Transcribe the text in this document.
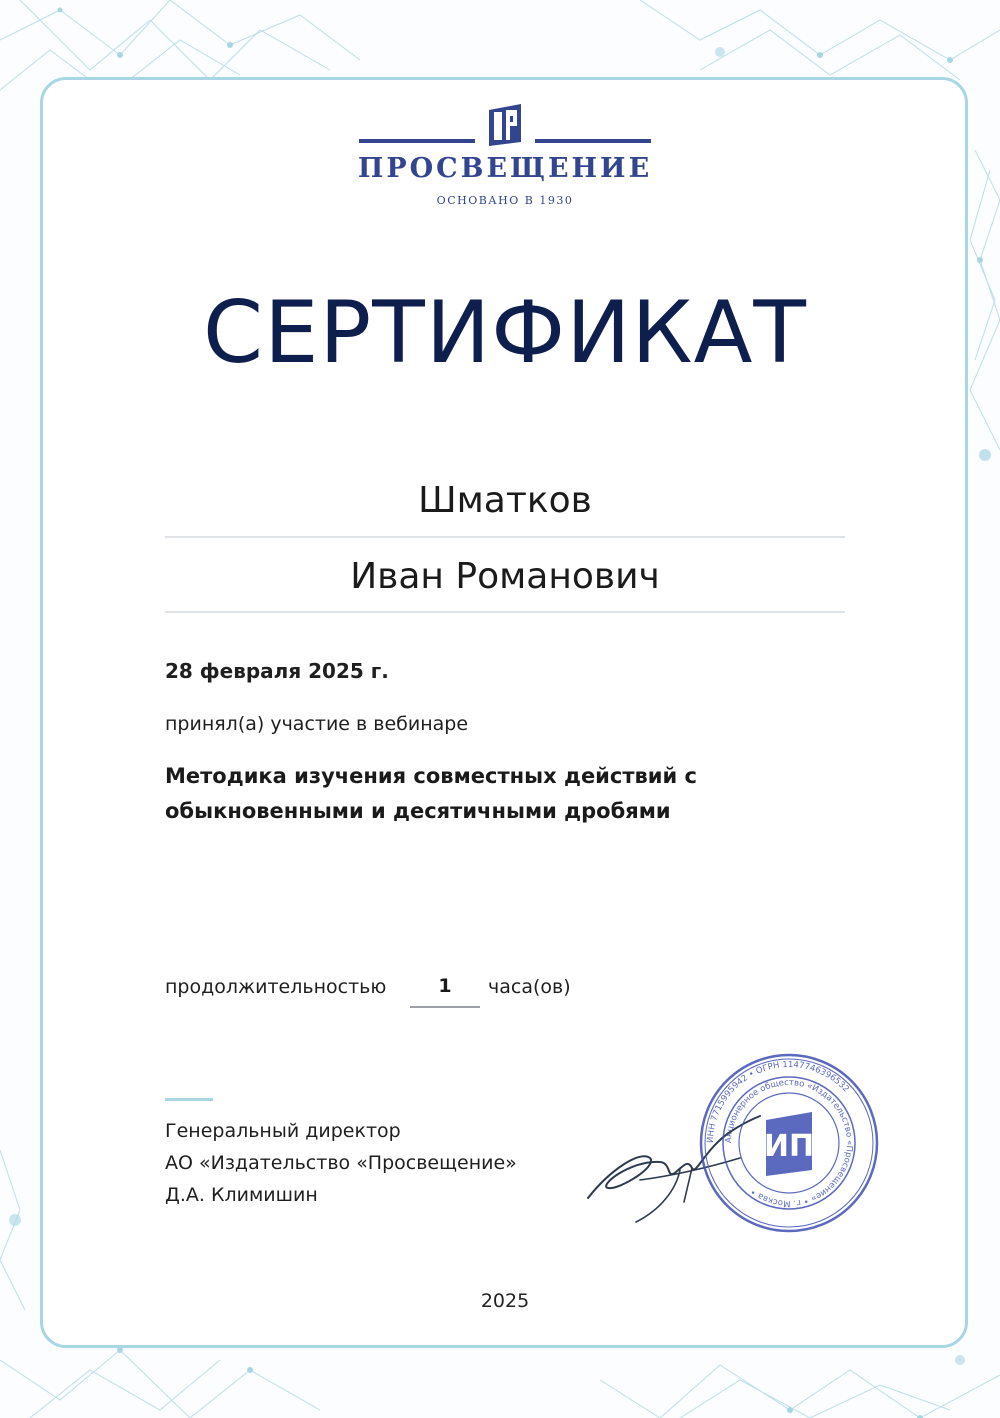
ПРОСВЕЩЕНИЕ
ОСНОВАНО В 1930
СЕРТИФИКАТ
Шматков
Иван Романович
28 февраля 2025 г.
принял(а) участие в вебинаре
Методика изучения совместных действий с
обыкновенными и десятичными дробями
продолжительностью	1	часа(ов)
Генеральный директор
АО «Издательство «Просвещение»
Д.А. Климишин
ИНН 7715995942 • ОГРН 1147746396532
Акционерное общество «Издательство «Просвещение» • г. Москва •
ИП
2025
